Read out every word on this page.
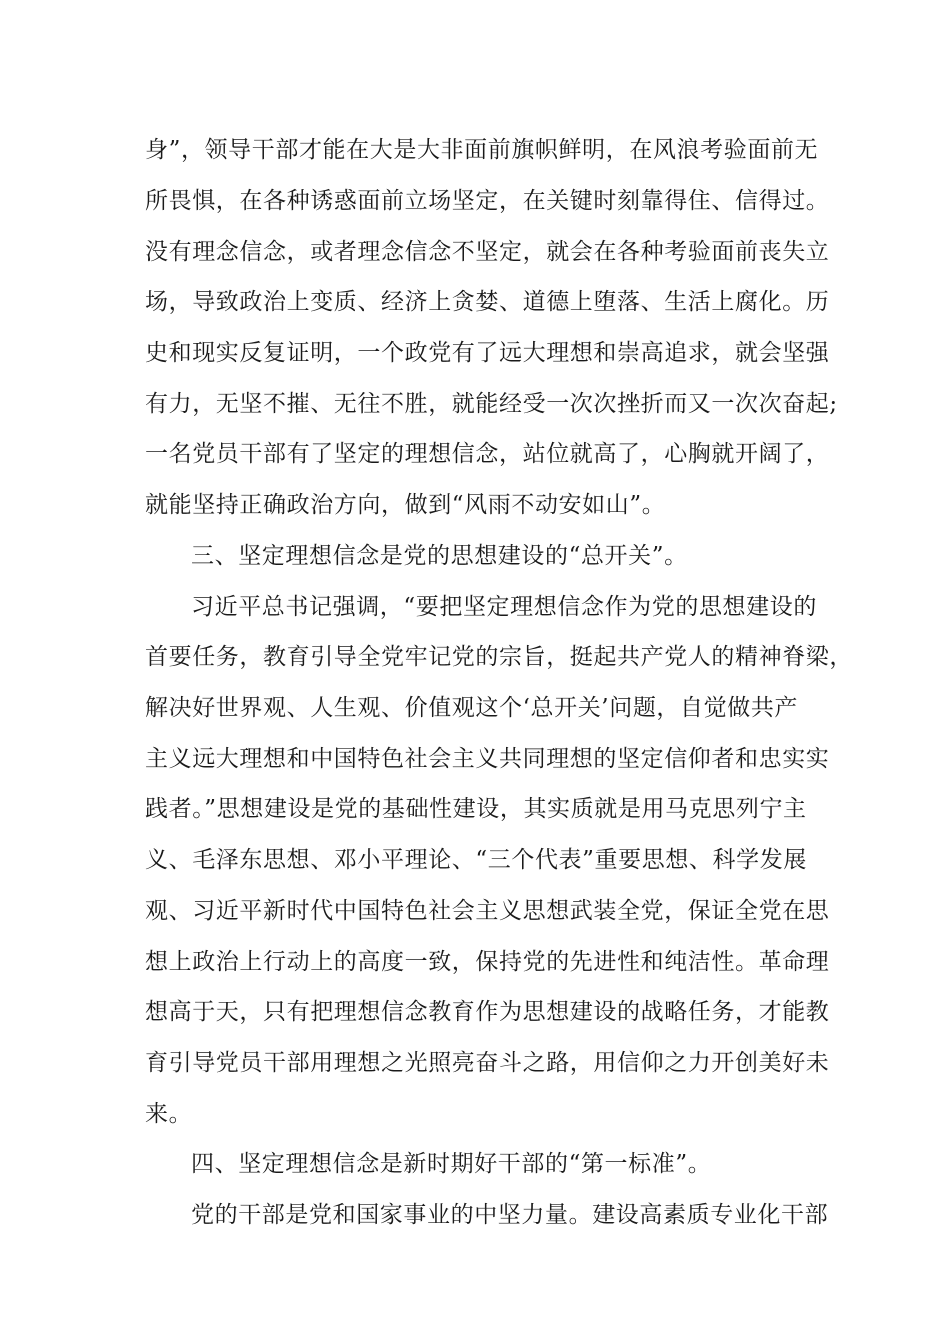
身”，领导干部才能在大是大非面前旗帜鲜明，在风浪考验面前无
所畏惧，在各种诱惑面前立场坚定，在关键时刻靠得住、信得过。
没有理念信念，或者理念信念不坚定，就会在各种考验面前丧失立
场，导致政治上变质、经济上贪婪、道德上堕落、生活上腐化。历
史和现实反复证明，一个政党有了远大理想和崇高追求，就会坚强
有力，无坚不摧、无往不胜，就能经受一次次挫折而又一次次奋起;
一名党员干部有了坚定的理想信念，站位就高了，心胸就开阔了，
就能坚持正确政治方向，做到“风雨不动安如山”。
三、坚定理想信念是党的思想建设的“总开关”。
习近平总书记强调，“要把坚定理想信念作为党的思想建设的
首要任务，教育引导全党牢记党的宗旨，挺起共产党人的精神脊梁，
解决好世界观、人生观、价值观这个‘总开关’问题，自觉做共产
主义远大理想和中国特色社会主义共同理想的坚定信仰者和忠实实
践者。”思想建设是党的基础性建设，其实质就是用马克思列宁主
义、毛泽东思想、邓小平理论、“三个代表”重要思想、科学发展
观、习近平新时代中国特色社会主义思想武装全党，保证全党在思
想上政治上行动上的高度一致，保持党的先进性和纯洁性。革命理
想高于天，只有把理想信念教育作为思想建设的战略任务，才能教
育引导党员干部用理想之光照亮奋斗之路，用信仰之力开创美好未
来。
四、坚定理想信念是新时期好干部的“第一标准”。
党的干部是党和国家事业的中坚力量。建设高素质专业化干部
